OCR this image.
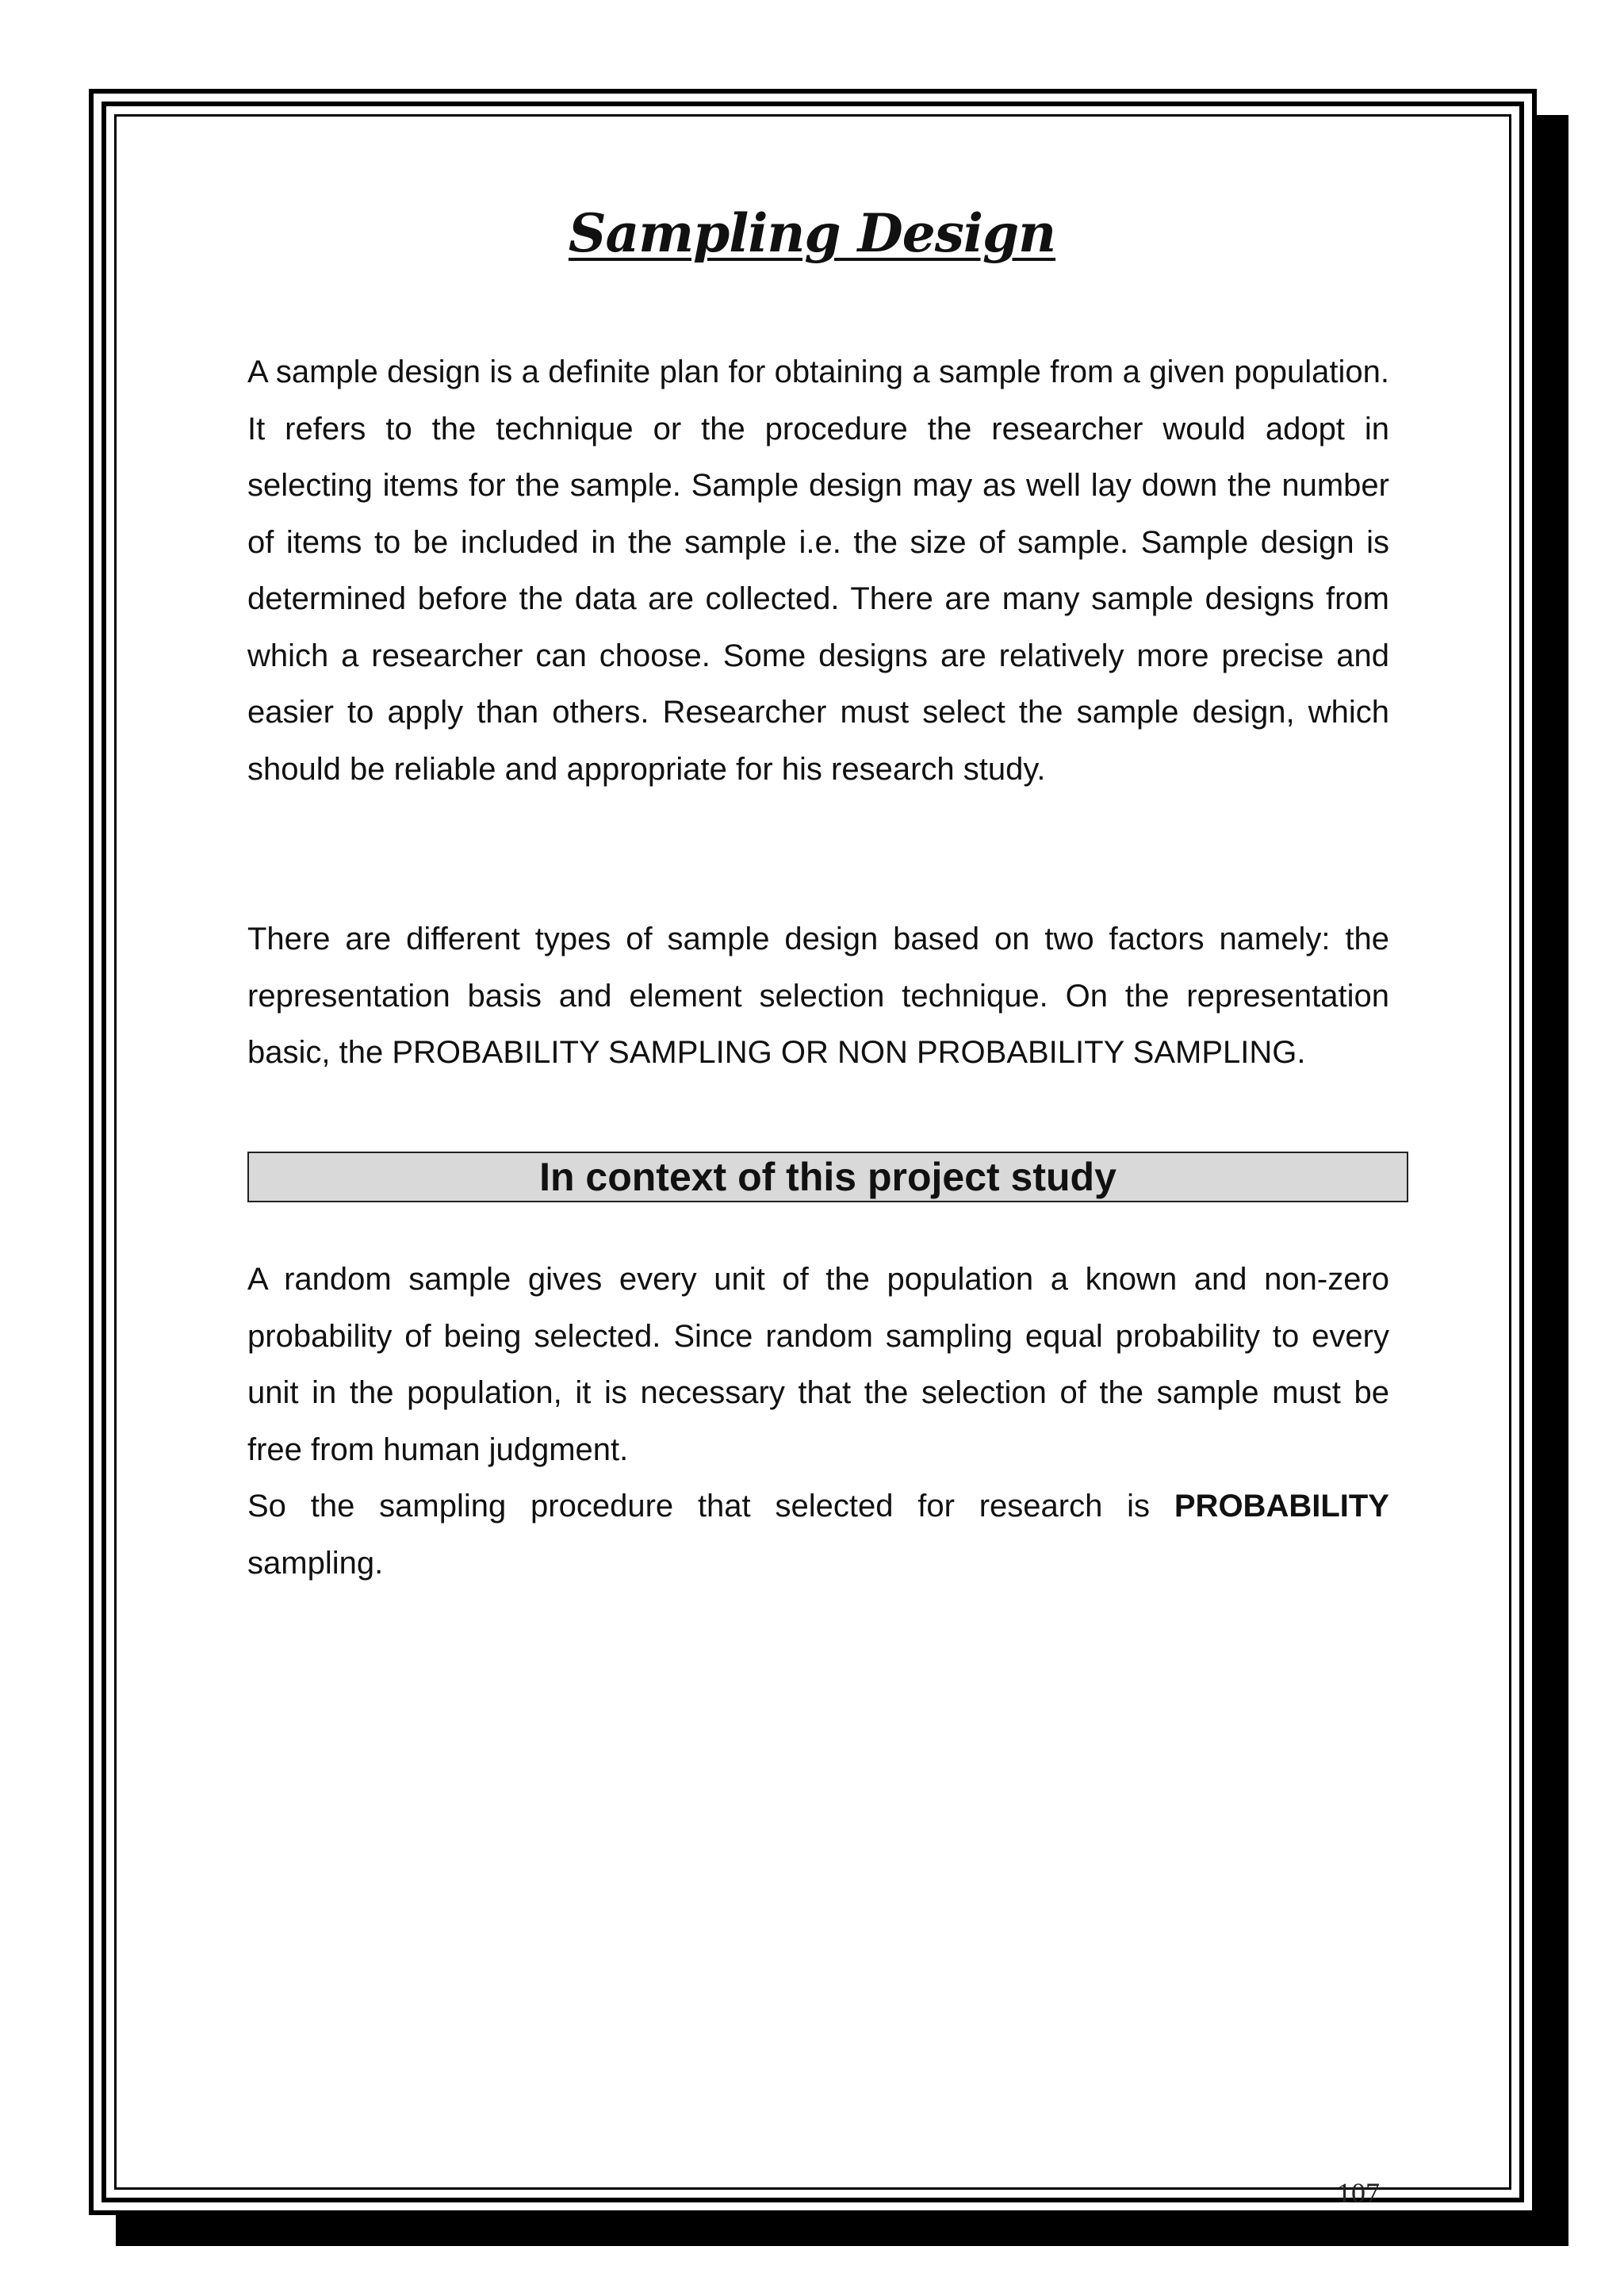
Sampling Design

A sample design is a definite plan for obtaining a sample from a given population. It refers to the technique or the procedure the researcher would adopt in selecting items for the sample. Sample design may as well lay down the number of items to be included in the sample i.e. the size of sample. Sample design is determined before the data are collected. There are many sample designs from which a researcher can choose. Some designs are relatively more precise and easier to apply than others. Researcher must select the sample design, which should be reliable and appropriate for his research study.

There are different types of sample design based on two factors namely: the representation basis and element selection technique. On the representation basic, the PROBABILITY SAMPLING OR NON PROBABILITY SAMPLING.

In context of this project study

A random sample gives every unit of the population a known and non-zero probability of being selected. Since random sampling equal probability to every unit in the population, it is necessary that the selection of the sample must be free from human judgment.
So the sampling procedure that selected for research is PROBABILITY sampling.

107
